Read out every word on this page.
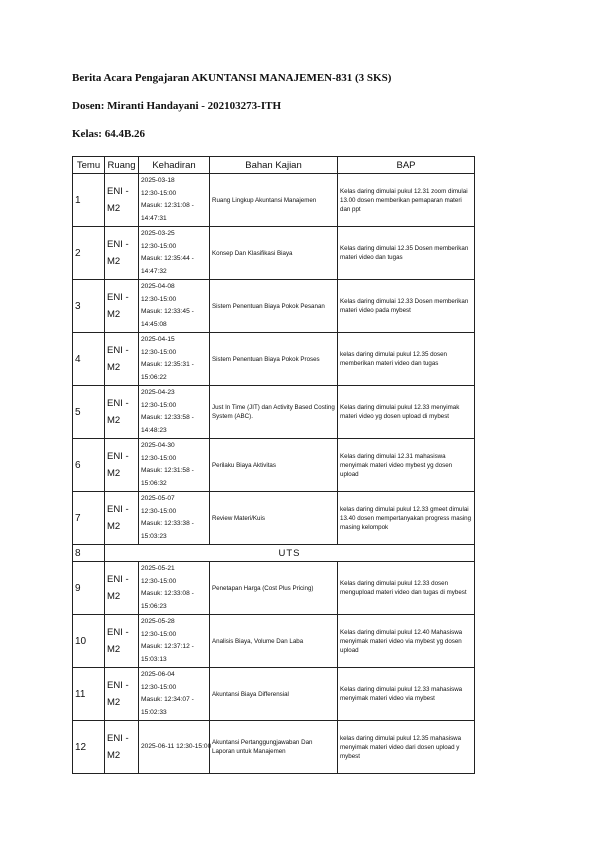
Berita Acara Pengajaran AKUNTANSI MANAJEMEN-831 (3 SKS)
Dosen: Miranti Handayani - 202103273-ITH
Kelas: 64.4B.26
Temu	Ruang	Kehadiran	Bahan Kajian	BAP
1	ENI - M2	2025-03-18
12:30-15:00
Masuk: 12:31:08 - 14:47:31	Ruang Lingkup Akuntansi Manajemen	Kelas daring dimulai pukul 12.31 zoom dimulai 13.00 dosen memberikan pemaparan materi dan ppt
2	ENI - M2	2025-03-25
12:30-15:00
Masuk: 12:35:44 - 14:47:32	Konsep Dan Klasifikasi Biaya	Kelas daring dimulai 12.35 Dosen memberikan materi video dan tugas
3	ENI - M2	2025-04-08
12:30-15:00
Masuk: 12:33:45 - 14:45:08	Sistem Penentuan Biaya Pokok Pesanan	Kelas daring dimulai 12.33 Dosen memberikan materi video pada mybest
4	ENI - M2	2025-04-15
12:30-15:00
Masuk: 12:35:31 - 15:06:22	Sistem Penentuan Biaya Pokok Proses	kelas daring dimulai pukul 12.35 dosen memberikan materi video dan tugas
5	ENI - M2	2025-04-23
12:30-15:00
Masuk: 12:33:58 - 14:48:23	Just In Time (JIT) dan Activity Based Costing System (ABC).	Kelas daring dimulai pukul 12.33 menyimak materi video yg dosen upload di mybest
6	ENI - M2	2025-04-30
12:30-15:00
Masuk: 12:31:58 - 15:06:32	Perilaku Biaya Aktivitas	Kelas daring dimulai 12.31 mahasiswa menyimak materi video mybest yg dosen upload
7	ENI - M2	2025-05-07
12:30-15:00
Masuk: 12:33:38 - 15:03:23	Review Materi/Kuis	kelas daring dimulai pukul 12.33 gmeet dimulai 13.40 dosen mempertanyakan progress masing masing kelompok
8	UTS			
9	ENI - M2	2025-05-21
12:30-15:00
Masuk: 12:33:08 - 15:06:23	Penetapan Harga (Cost Plus Pricing)	Kelas daring dimulai pukul 12.33 dosen mengupload materi video dan tugas di mybest
10	ENI - M2	2025-05-28
12:30-15:00
Masuk: 12:37:12 - 15:03:13	Analisis Biaya, Volume Dan Laba	Kelas daring dimulai pukul 12.40 Mahasiswa menyimak materi video via mybest yg dosen upload
11	ENI - M2	2025-06-04
12:30-15:00
Masuk: 12:34:07 - 15:02:33	Akuntansi Biaya Differensial	Kelas daring dimulai pukul 12.33 mahasiswa menyimak materi video via mybest
12	ENI - M2	2025-06-11 12:30-15:00	Akuntansi Pertanggungjawaban Dan Laporan untuk Manajemen	kelas daring dimulai pukul 12.35 mahasiswa menyimak materi video dari dosen upload y mybest
